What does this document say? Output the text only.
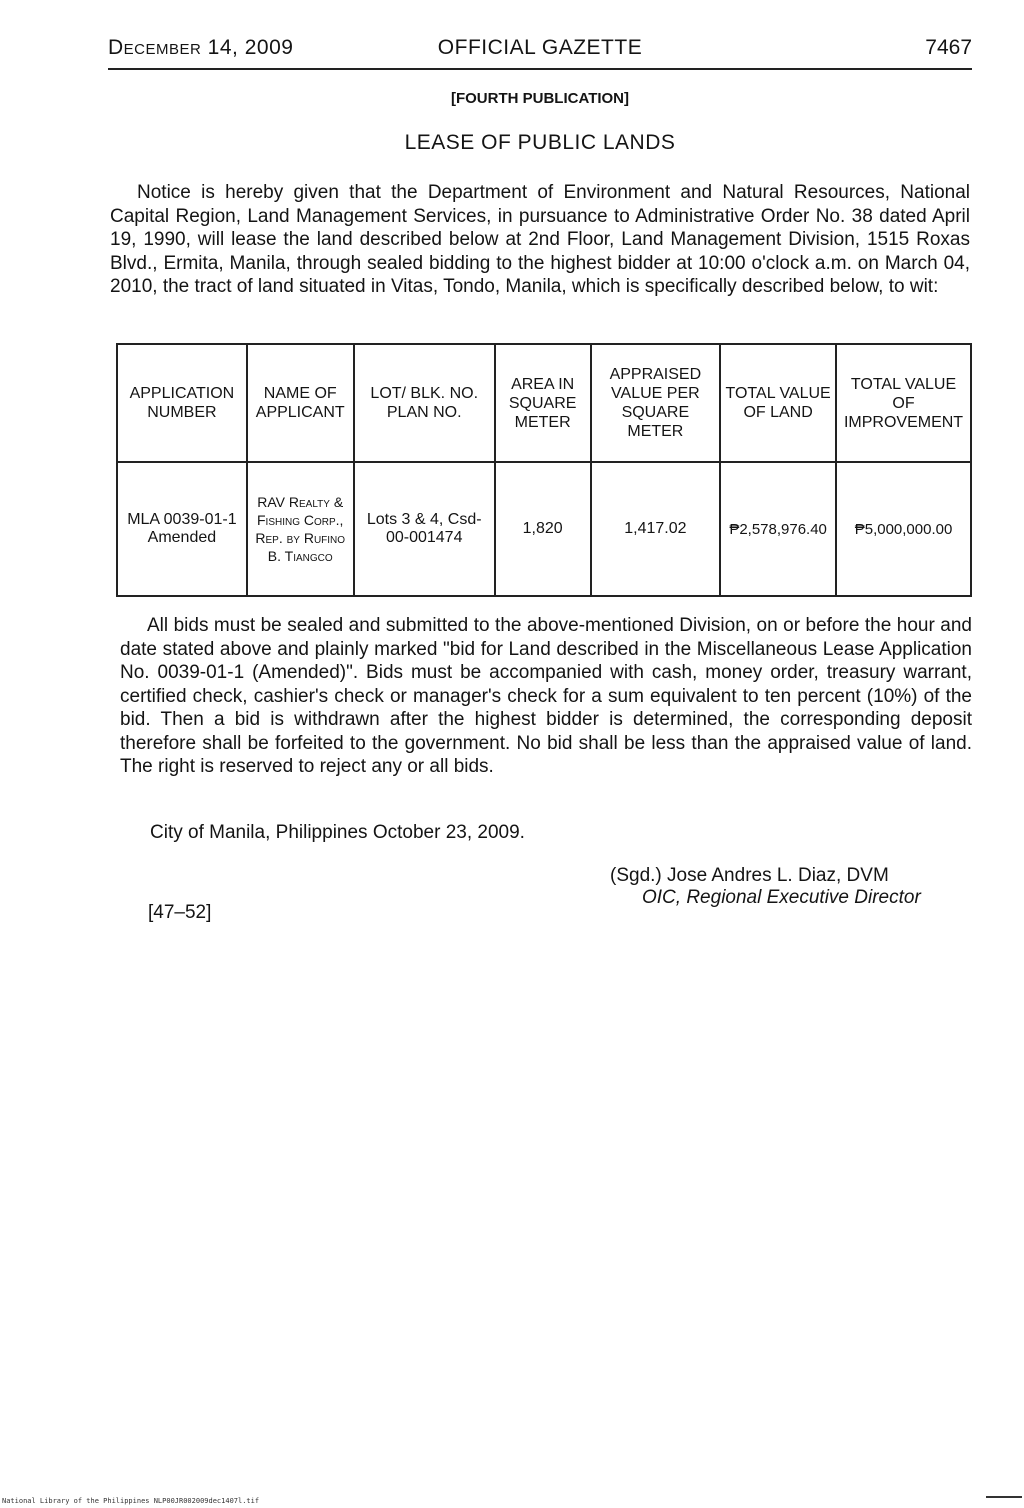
December 14, 2009	OFFICIAL GAZETTE	7467
[FOURTH PUBLICATION]
LEASE OF PUBLIC LANDS

Notice is hereby given that the Department of Environment and Natural Resources, National Capital Region, Land Management Services, in pursuance to Administrative Order No. 38 dated April 19, 1990, will lease the land described below at 2nd Floor, Land Management Division, 1515 Roxas Blvd., Ermita, Manila, through sealed bidding to the highest bidder at 10:00 o'clock a.m. on March 04, 2010, the tract of land situated in Vitas, Tondo, Manila, which is specifically described below, to wit:

APPLICATION NUMBER	NAME OF APPLICANT	LOT/ BLK. NO. PLAN NO.	AREA IN SQUARE METER	APPRAISED VALUE PER SQUARE METER	TOTAL VALUE OF LAND	TOTAL VALUE OF IMPROVEMENT
MLA 0039-01-1 Amended	RAV Realty & Fishing Corp., Rep. by Rufino B. Tiangco	Lots 3 & 4, Csd-00-001474	1,820	1,417.02	₱2,578,976.40	₱5,000,000.00

All bids must be sealed and submitted to the above-mentioned Division, on or before the hour and date stated above and plainly marked "bid for Land described in the Miscellaneous Lease Application No. 0039-01-1 (Amended)". Bids must be accompanied with cash, money order, treasury warrant, certified check, cashier's check or manager's check for a sum equivalent to ten percent (10%) of the bid. Then a bid is withdrawn after the highest bidder is determined, the corresponding deposit therefore shall be forfeited to the government. No bid shall be less than the appraised value of land. The right is reserved to reject any or all bids.

City of Manila, Philippines October 23, 2009.
(Sgd.) Jose Andres L. Diaz, DVM
OIC, Regional Executive Director
[47–52]
National Library of the Philippines NLP00JR002009dec1407l.tif
